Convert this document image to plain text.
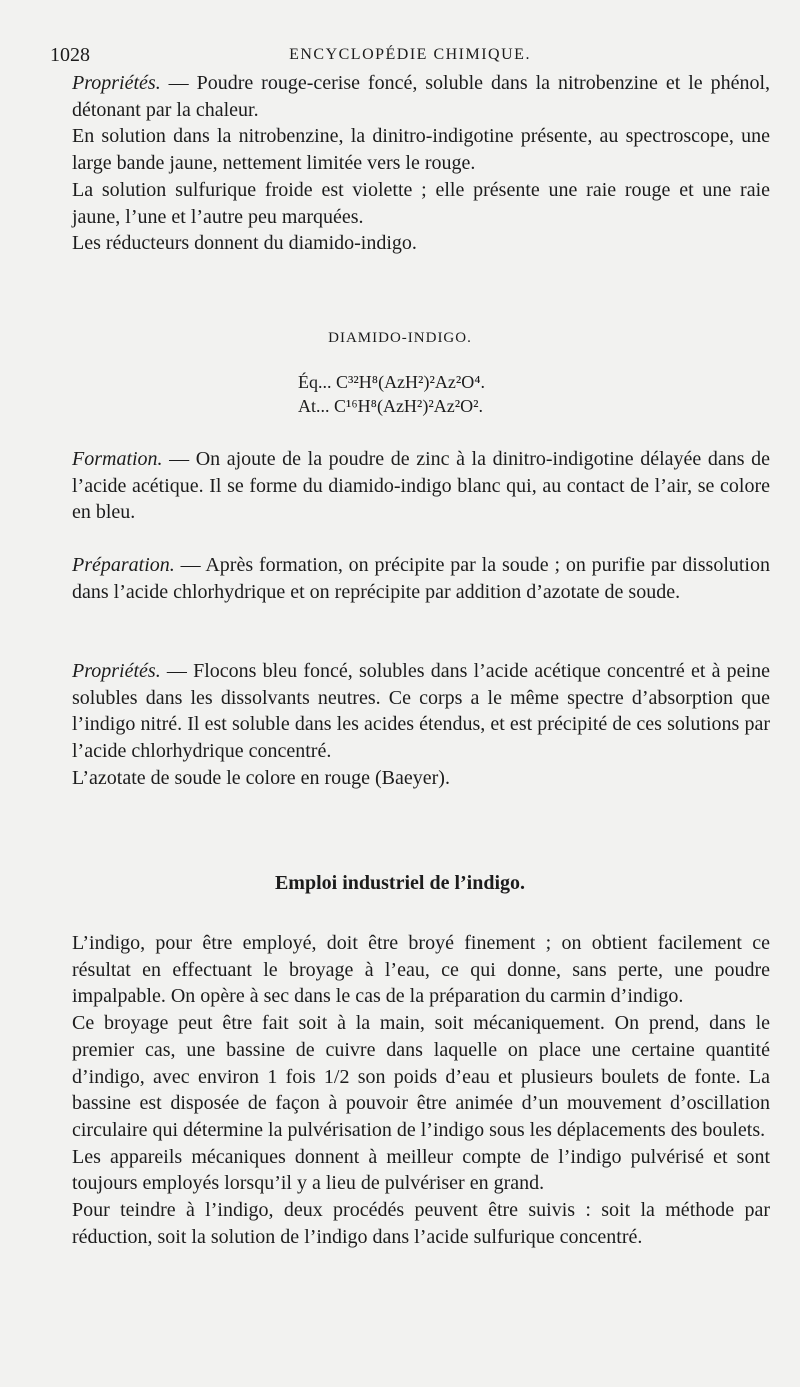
1028	ENCYCLOPÉDIE CHIMIQUE.
Propriétés. — Poudre rouge-cerise foncé, soluble dans la nitrobenzine et le phénol, détonant par la chaleur.
En solution dans la nitrobenzine, la dinitro-indigotine présente, au spectroscope, une large bande jaune, nettement limitée vers le rouge.
La solution sulfurique froide est violette ; elle présente une raie rouge et une raie jaune, l’une et l’autre peu marquées.
Les réducteurs donnent du diamido-indigo.
DIAMIDO-INDIGO.
Éq... C³²H⁸(AzH²)²Az²O⁴.
At... C¹⁶H⁸(AzH²)²Az²O².
Formation. — On ajoute de la poudre de zinc à la dinitro-indigotine délayée dans de l’acide acétique. Il se forme du diamido-indigo blanc qui, au contact de l’air, se colore en bleu.
Préparation. — Après formation, on précipite par la soude ; on purifie par dissolution dans l’acide chlorhydrique et on reprécipite par addition d’azotate de soude.
Propriétés. — Flocons bleu foncé, solubles dans l’acide acétique concentré et à peine solubles dans les dissolvants neutres. Ce corps a le même spectre d’absorption que l’indigo nitré. Il est soluble dans les acides étendus, et est précipité de ces solutions par l’acide chlorhydrique concentré.
L’azotate de soude le colore en rouge (Baeyer).
Emploi industriel de l’indigo.
L’indigo, pour être employé, doit être broyé finement ; on obtient facilement ce résultat en effectuant le broyage à l’eau, ce qui donne, sans perte, une poudre impalpable. On opère à sec dans le cas de la préparation du carmin d’indigo.
Ce broyage peut être fait soit à la main, soit mécaniquement. On prend, dans le premier cas, une bassine de cuivre dans laquelle on place une certaine quantité d’indigo, avec environ 1 fois 1/2 son poids d’eau et plusieurs boulets de fonte. La bassine est disposée de façon à pouvoir être animée d’un mouvement d’oscillation circulaire qui détermine la pulvérisation de l’indigo sous les déplacements des boulets.
Les appareils mécaniques donnent à meilleur compte de l’indigo pulvérisé et sont toujours employés lorsqu’il y a lieu de pulvériser en grand.
Pour teindre à l’indigo, deux procédés peuvent être suivis : soit la méthode par réduction, soit la solution de l’indigo dans l’acide sulfurique concentré.
